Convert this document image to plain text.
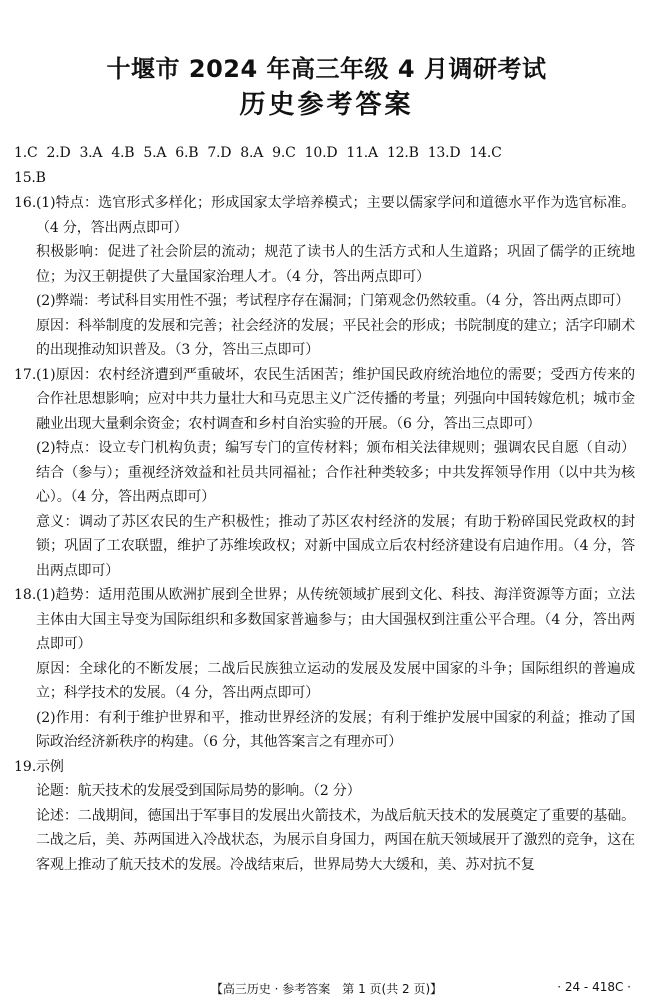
十堰市 2024 年高三年级 4 月调研考试
历史参考答案
1.C 2.D 3.A 4.B 5.A 6.B 7.D 8.A 9.C 10.D 11.A 12.B 13.D 14.C
15.B
16. (1)特点：选官形式多样化；形成国家太学培养模式；主要以儒家学问和道德水平作为选官标准。（4 分，答出两点即可）

积极影响：促进了社会阶层的流动；规范了读书人的生活方式和人生道路；巩固了儒学的正统地位；为汉王朝提供了大量国家治理人才。（4 分，答出两点即可）

(2)弊端：考试科目实用性不强；考试程序存在漏洞；门第观念仍然较重。（4 分，答出两点即可）

原因：科举制度的发展和完善；社会经济的发展；平民社会的形成；书院制度的建立；活字印刷术的出现推动知识普及。（3 分，答出三点即可）

17. (1)原因：农村经济遭到严重破坏，农民生活困苦；维护国民政府统治地位的需要；受西方传来的合作社思想影响；应对中共力量壮大和马克思主义广泛传播的考量；列强向中国转嫁危机；城市金融业出现大量剩余资金；农村调查和乡村自治实验的开展。（6 分，答出三点即可）

(2)特点：设立专门机构负责；编写专门的宣传材料；颁布相关法律规则；强调农民自愿（自动）结合（参与）；重视经济效益和社员共同福祉；合作社种类较多；中共发挥领导作用（以中共为核心）。（4 分，答出两点即可）

意义：调动了苏区农民的生产积极性；推动了苏区农村经济的发展；有助于粉碎国民党政权的封锁；巩固了工农联盟，维护了苏维埃政权；对新中国成立后农村经济建设有启迪作用。（4 分，答出两点即可）

18. (1)趋势：适用范围从欧洲扩展到全世界；从传统领域扩展到文化、科技、海洋资源等方面；立法主体由大国主导变为国际组织和多数国家普遍参与；由大国强权到注重公平合理。（4 分，答出两点即可）

原因：全球化的不断发展；二战后民族独立运动的发展及发展中国家的斗争；国际组织的普遍成立；科学技术的发展。（4 分，答出两点即可）

(2)作用：有利于维护世界和平，推动世界经济的发展；有利于维护发展中国家的利益；推动了国际政治经济新秩序的构建。（6 分，其他答案言之有理亦可）

19. 示例

论题：航天技术的发展受到国际局势的影响。（2 分）

论述：二战期间，德国出于军事目的发展出火箭技术，为战后航天技术的发展奠定了重要的基础。二战之后，美、苏两国进入冷战状态，为展示自身国力，两国在航天领域展开了激烈的竞争，这在客观上推动了航天技术的发展。冷战结束后，世界局势大大缓和，美、苏对抗不复

【高三历史 · 参考答案　第 1 页(共 2 页)】	· 24 - 418C ·
